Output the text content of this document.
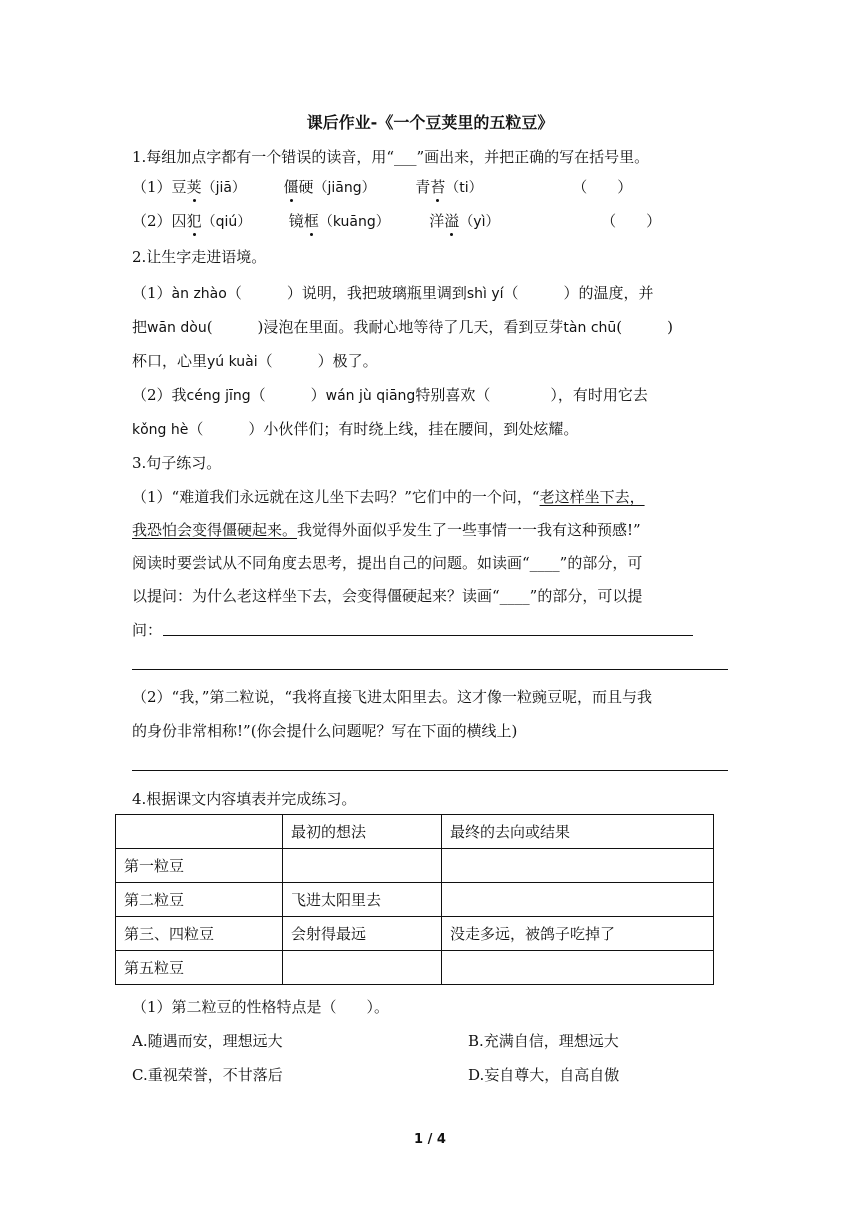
课后作业-《一个豆荚里的五粒豆》
1.每组加点字都有一个错误的读音，用“___”画出来，并把正确的写在括号里。
（1）豆荚（jiā）	僵硬（jiāng）	青苔（ti）	（　　）
（2）囚犯（qiú）	镜框（kuāng）	洋溢（yì）	（　　）
2.让生字走进语境。
（1）àn zhào（　　　）说明，我把玻璃瓶里调到shì yí（　　　）的温度，并
把wān dòu(　　　)浸泡在里面。我耐心地等待了几天，看到豆芽tàn chū(　　　)
杯口，心里yú kuài（　　　）极了。
（2）我céng jīng（　　　）wán jù qiāng特别喜欢（　　　　），有时用它去
kǒng hè（　　　）小伙伴们；有时绕上线，挂在腰间，到处炫耀。
3.句子练习。
（1）“难道我们永远就在这儿坐下去吗？”它们中的一个问，“老这样坐下去，
我恐怕会变得僵硬起来。我觉得外面似乎发生了一些事情一一我有这种预感!”
阅读时要尝试从不同角度去思考，提出自己的问题。如读画“____”的部分，可
以提问：为什么老这样坐下去，会变得僵硬起来？读画“____”的部分，可以提
问：
（2）“我，”第二粒说，“我将直接飞进太阳里去。这才像一粒豌豆呢，而且与我
的身份非常相称!”(你会提什么问题呢？写在下面的横线上)
4.根据课文内容填表并完成练习。
	最初的想法	最终的去向或结果
第一粒豆		
第二粒豆	飞进太阳里去	
第三、四粒豆	会射得最远	没走多远，被鸽子吃掉了
第五粒豆		
（1）第二粒豆的性格特点是（　　）。
A.随遇而安，理想远大	B.充满自信，理想远大
C.重视荣誉，不甘落后	D.妄自尊大，自高自傲
1 / 4
